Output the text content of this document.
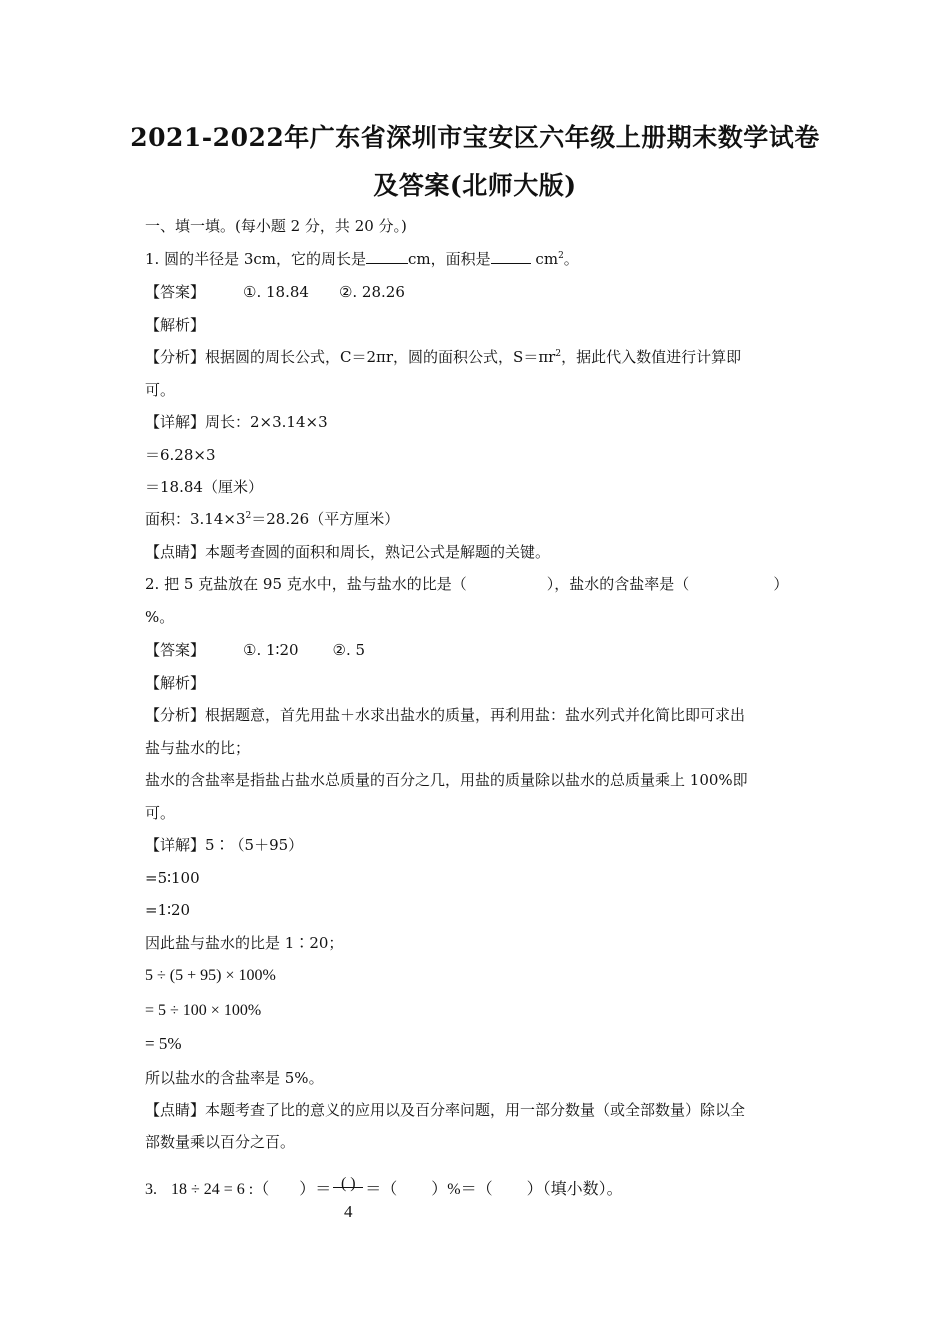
2021-2022年广东省深圳市宝安区六年级上册期末数学试卷
及答案(北师大版)
一、填一填。(每小题 2 分，共 20 分。)
1. 圆的半径是 3cm，它的周长是	cm，面积是	$cm^2$。
【答案】	①. 18.84 ②. 28.26
【解析】
【分析】根据圆的周长公式，C＝2πr，圆的面积公式，$S=\pi r^2$，据此代入数值进行计算即
可。
【详解】周长：2×3.14×3
＝6.28×3
＝18.84（厘米）
面积：$3.14\times 3^2=28.26$（平方厘米）
【点睛】本题考查圆的面积和周长，熟记公式是解题的关键。
2. 把 5 克盐放在 95 克水中，盐与盐水的比是（	），盐水的含盐率是（	）
%。
【答案】	①. 1∶20 ②. 5
【解析】
【分析】根据题意，首先用盐＋水求出盐水的质量，再利用盐：盐水列式并化简比即可求出
盐与盐水的比；
盐水的含盐率是指盐占盐水总质量的百分之几，用盐的质量除以盐水的总质量乘上 100%即
可。
【详解】5∶（5＋95）
=5∶100
=1∶20
因此盐与盐水的比是 1∶20；
5 ÷ (5 + 95) × 100%
= 5 ÷ 100 × 100%
= 5%
所以盐水的含盐率是 5%。
【点睛】本题考查了比的意义的应用以及百分率问题，用一部分数量（或全部数量）除以全
部数量乘以百分之百。
3. 18 ÷ 24 = 6 :（ ）＝ ( )
4
＝（ ）%＝（ ）（填小数）。
